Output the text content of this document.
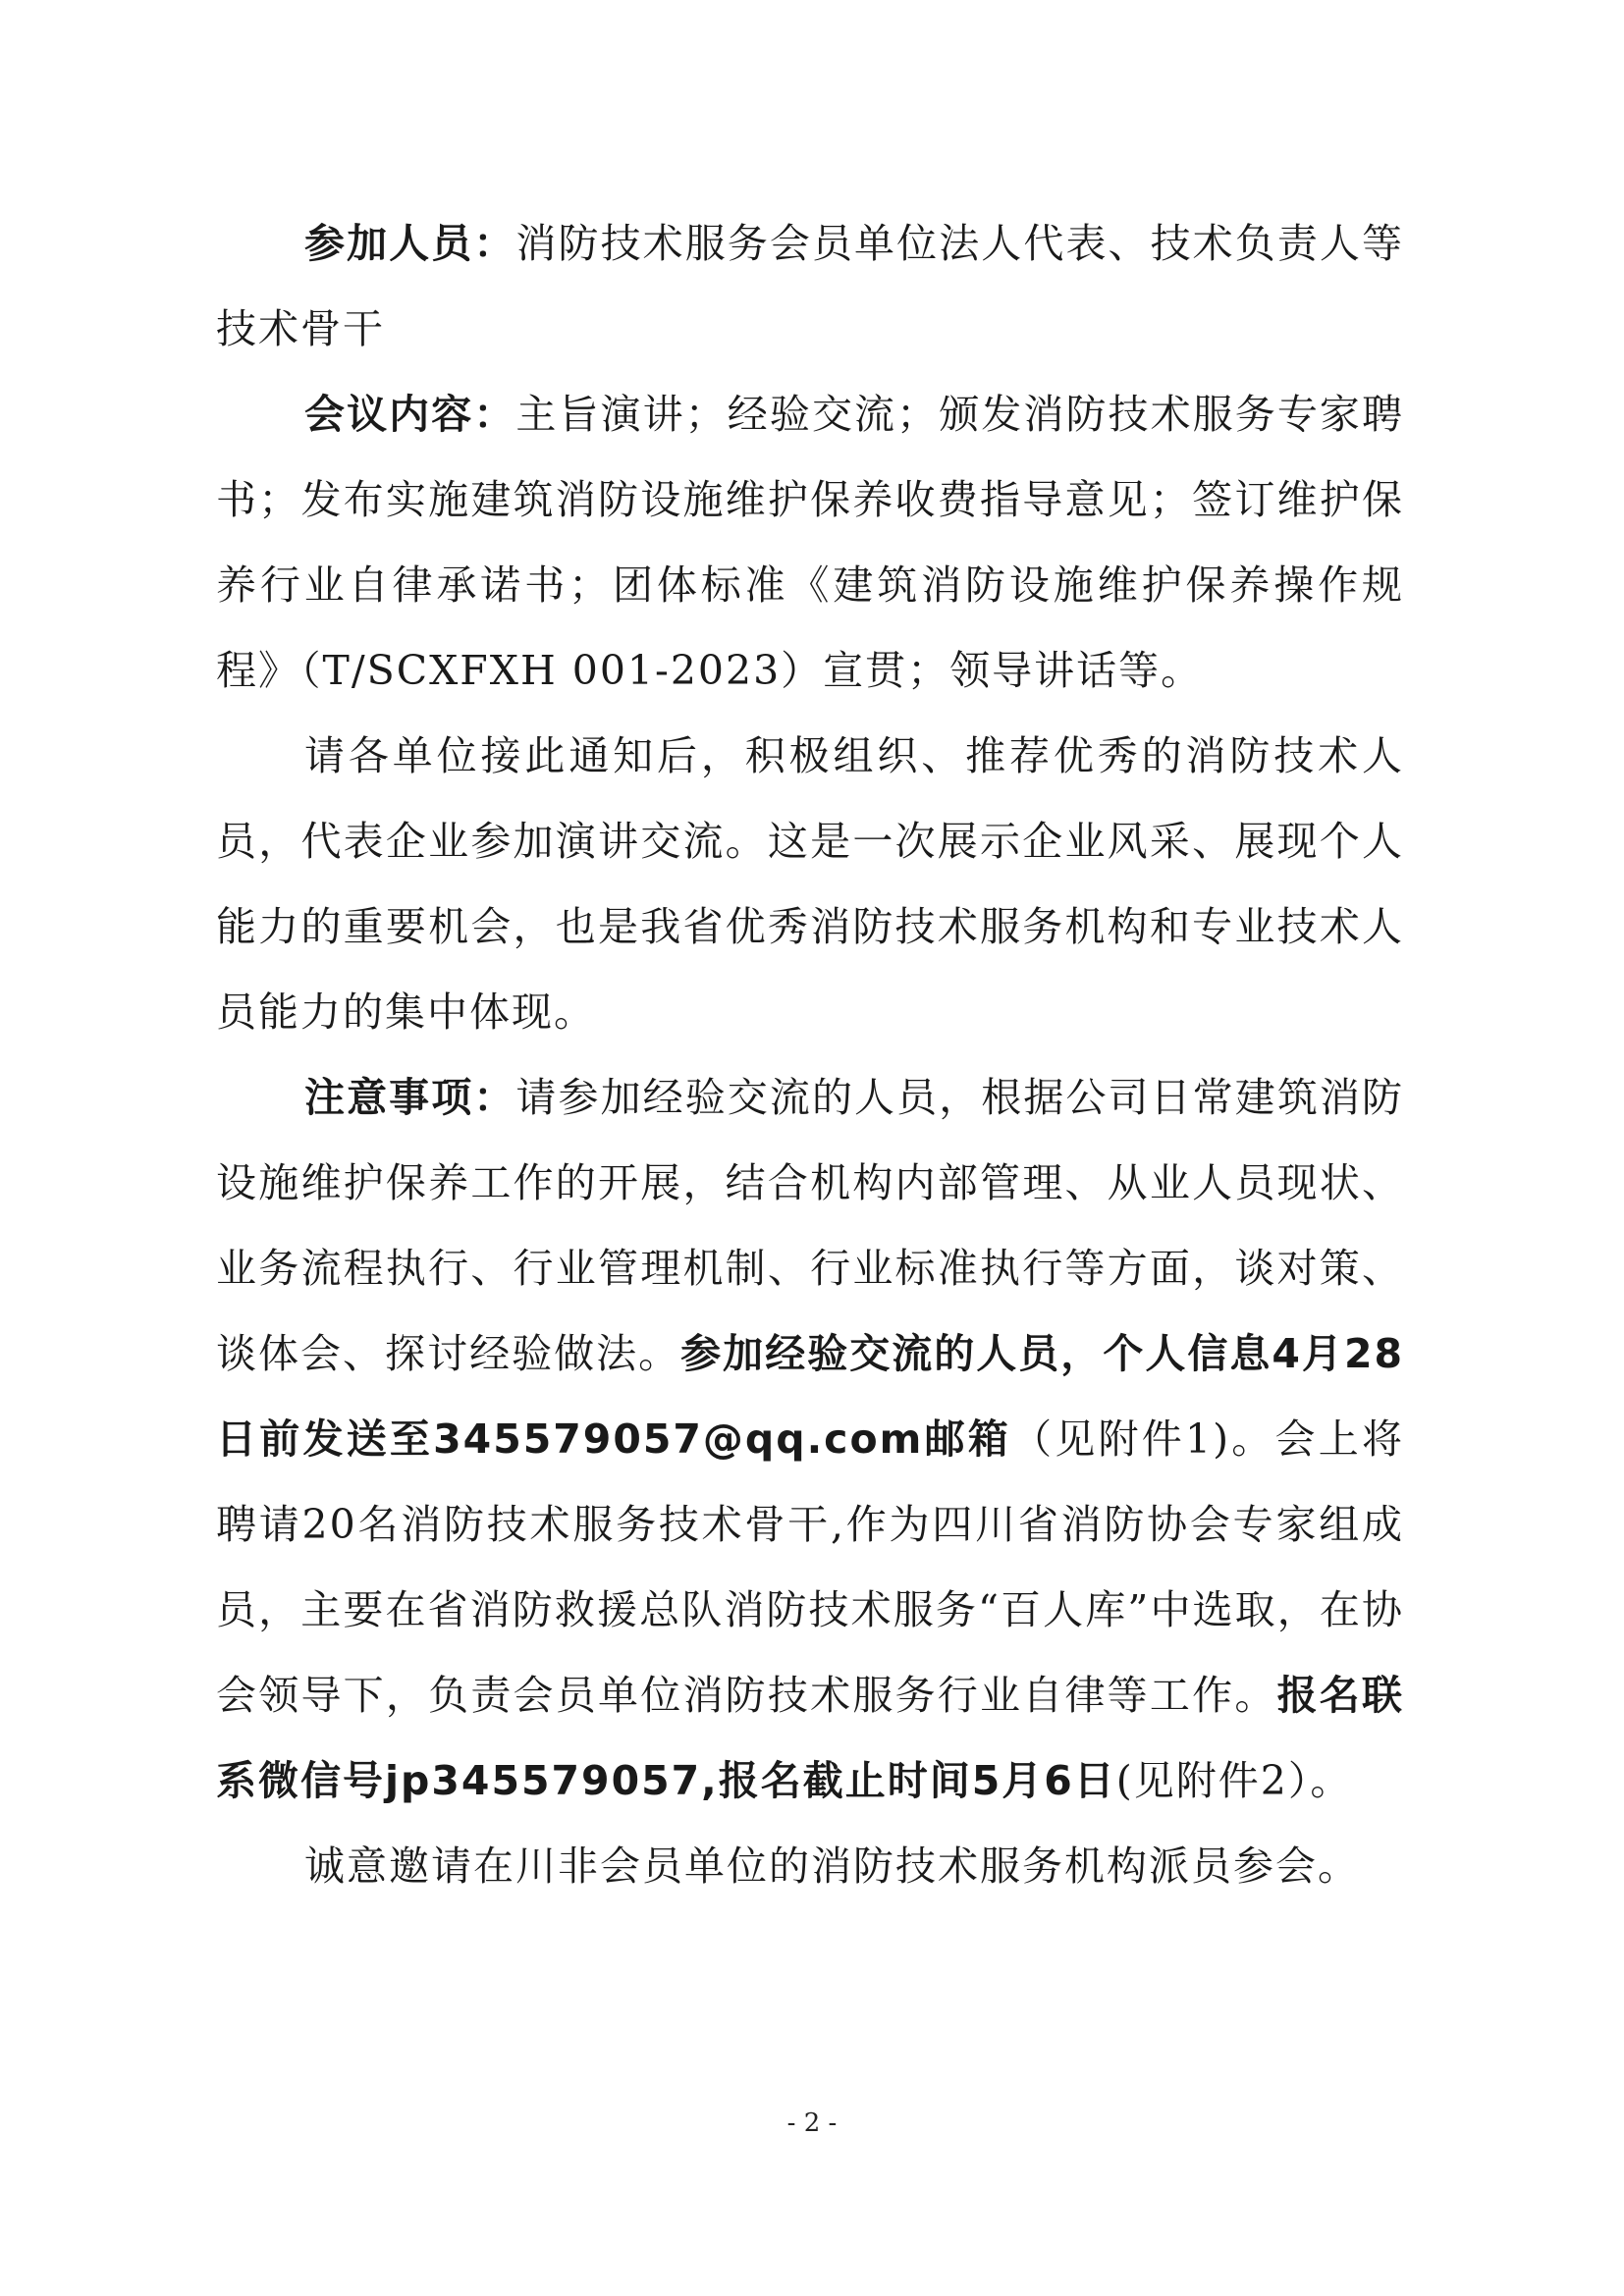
参加人员：消防技术服务会员单位法人代表、技术负责人等技术骨干

会议内容：主旨演讲；经验交流；颁发消防技术服务专家聘书；发布实施建筑消防设施维护保养收费指导意见；签订维护保养行业自律承诺书；团体标准《建筑消防设施维护保养操作规程》（T/SCXFXH 001-2023）宣贯；领导讲话等。

请各单位接此通知后，积极组织、推荐优秀的消防技术人员，代表企业参加演讲交流。这是一次展示企业风采、展现个人能力的重要机会，也是我省优秀消防技术服务机构和专业技术人员能力的集中体现。

注意事项：请参加经验交流的人员，根据公司日常建筑消防设施维护保养工作的开展，结合机构内部管理、从业人员现状、业务流程执行、行业管理机制、行业标准执行等方面，谈对策、谈体会、探讨经验做法。参加经验交流的人员，个人信息4月28日前发送至345579057@qq.com邮箱（见附件1)。会上将聘请20名消防技术服务技术骨干,作为四川省消防协会专家组成员，主要在省消防救援总队消防技术服务“百人库”中选取，在协会领导下，负责会员单位消防技术服务行业自律等工作。报名联系微信号jp345579057,报名截止时间5月6日(见附件2）。

诚意邀请在川非会员单位的消防技术服务机构派员参会。

- 2 -
